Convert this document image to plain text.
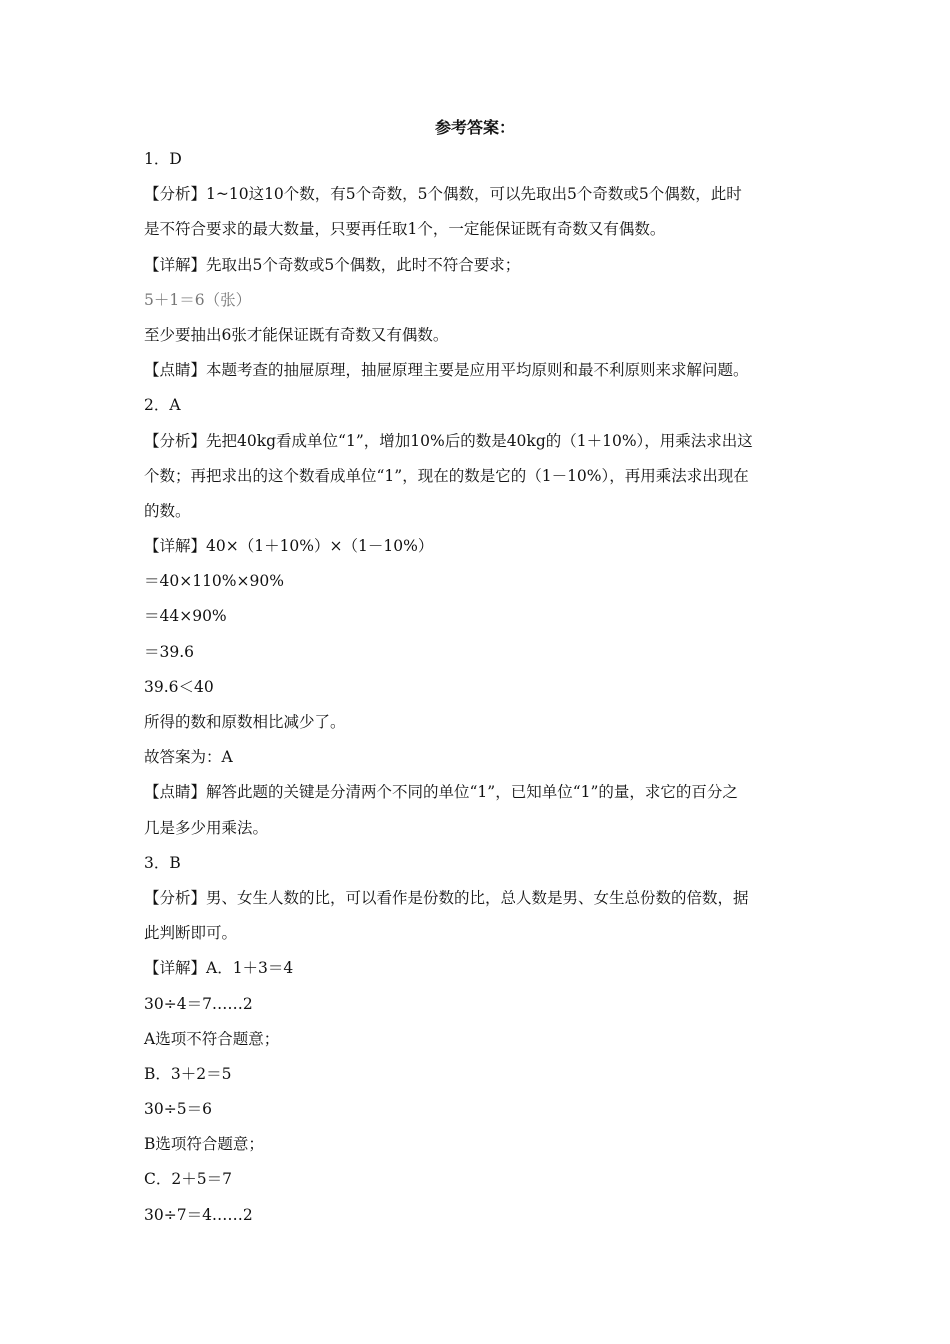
参考答案：
1．D
【分析】1~10这10个数，有5个奇数，5个偶数，可以先取出5个奇数或5个偶数，此时
是不符合要求的最大数量，只要再任取1个，一定能保证既有奇数又有偶数。
【详解】先取出5个奇数或5个偶数，此时不符合要求；
5＋1＝6（张）
至少要抽出6张才能保证既有奇数又有偶数。
【点睛】本题考查的抽屉原理，抽屉原理主要是应用平均原则和最不利原则来求解问题。
2．A
【分析】先把40kg看成单位“1”，增加10%后的数是40kg的（1＋10%），用乘法求出这
个数；再把求出的这个数看成单位“1”，现在的数是它的（1－10%），再用乘法求出现在
的数。
【详解】40×（1＋10%）×（1－10%）
＝40×110%×90%
＝44×90%
＝39.6
39.6＜40
所得的数和原数相比减少了。
故答案为：A
【点睛】解答此题的关键是分清两个不同的单位“1”，已知单位“1”的量，求它的百分之
几是多少用乘法。
3．B
【分析】男、女生人数的比，可以看作是份数的比，总人数是男、女生总份数的倍数，据
此判断即可。
【详解】A．1＋3＝4
30÷4＝7……2
A选项不符合题意；
B．3＋2＝5
30÷5＝6
B选项符合题意；
C．2＋5＝7
30÷7＝4……2
